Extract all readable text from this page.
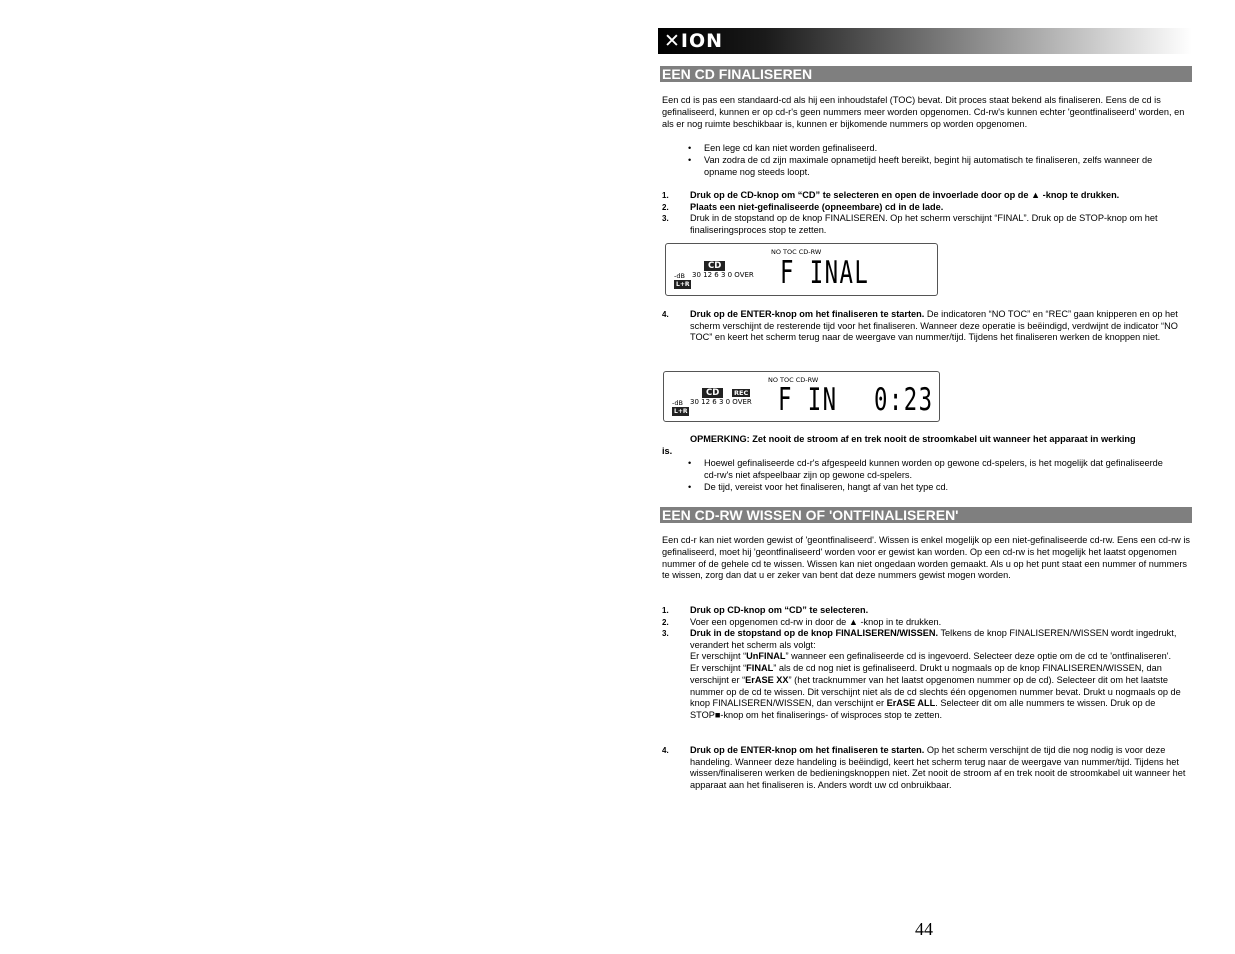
✕ION
EEN CD FINALISEREN
Een cd is pas een standaard-cd als hij een inhoudstafel (TOC) bevat. Dit proces staat bekend als finaliseren. Eens de cd is gefinaliseerd, kunnen er op cd-r's geen nummers meer worden opgenomen. Cd-rw's kunnen echter 'geontfinaliseerd' worden, en als er nog ruimte beschikbaar is, kunnen er bijkomende nummers op worden opgenomen.
• Een lege cd kan niet worden gefinaliseerd.
• Van zodra de cd zijn maximale opnametijd heeft bereikt, begint hij automatisch te finaliseren, zelfs wanneer de opname nog steeds loopt.
1. Druk op de CD-knop om “CD” te selecteren en open de invoerlade door op de ▲ -knop te drukken.
2. Plaats een niet-gefinaliseerde (opneembare) cd in de lade.
3. Druk in de stopstand op de knop FINALISEREN. Op het scherm verschijnt “FINAL”. Druk op de STOP-knop om het finaliseringsproces stop te zetten.
NO TOC CD-RW
CD
-dB 30 12 6 3 0 OVER
L+R	F INAL
4. Druk op de ENTER-knop om het finaliseren te starten. De indicatoren “NO TOC” en “REC” gaan knipperen en op het scherm verschijnt de resterende tijd voor het finaliseren. Wanneer deze operatie is beëindigd, verdwijnt de indicator “NO TOC” en keert het scherm terug naar de weergave van nummer/tijd. Tijdens het finaliseren werken de knoppen niet.
NO TOC CD-RW
CD	REC
-dB 30 12 6 3 0 OVER
L+R	F IN 0:23
OPMERKING: Zet nooit de stroom af en trek nooit de stroomkabel uit wanneer het apparaat in werking
is.
• Hoewel gefinaliseerde cd-r's afgespeeld kunnen worden op gewone cd-spelers, is het mogelijk dat gefinaliseerde cd-rw's niet afspeelbaar zijn op gewone cd-spelers.
• De tijd, vereist voor het finaliseren, hangt af van het type cd.
EEN CD-RW WISSEN OF 'ONTFINALISEREN'
Een cd-r kan niet worden gewist of 'geontfinaliseerd'. Wissen is enkel mogelijk op een niet-gefinaliseerde cd-rw. Eens een cd-rw is gefinaliseerd, moet hij 'geontfinaliseerd' worden voor er gewist kan worden. Op een cd-rw is het mogelijk het laatst opgenomen nummer of de gehele cd te wissen. Wissen kan niet ongedaan worden gemaakt. Als u op het punt staat een nummer of nummers te wissen, zorg dan dat u er zeker van bent dat deze nummers gewist mogen worden.
1. Druk op CD-knop om “CD” te selecteren.
2. Voer een opgenomen cd-rw in door de ▲ -knop in te drukken.
3. Druk in de stopstand op de knop FINALISEREN/WISSEN. Telkens de knop FINALISEREN/WISSEN wordt ingedrukt, verandert het scherm als volgt:
Er verschijnt “UnFINAL” wanneer een gefinaliseerde cd is ingevoerd. Selecteer deze optie om de cd te 'ontfinaliseren'.
Er verschijnt “FINAL” als de cd nog niet is gefinaliseerd. Drukt u nogmaals op de knop FINALISEREN/WISSEN, dan verschijnt er “ErASE XX” (het tracknummer van het laatst opgenomen nummer op de cd). Selecteer dit om het laatste nummer op de cd te wissen. Dit verschijnt niet als de cd slechts één opgenomen nummer bevat. Drukt u nogmaals op de knop FINALISEREN/WISSEN, dan verschijnt er ErASE ALL. Selecteer dit om alle nummers te wissen. Druk op de STOP■-knop om het finaliserings- of wisproces stop te zetten.
4. Druk op de ENTER-knop om het finaliseren te starten. Op het scherm verschijnt de tijd die nog nodig is voor deze handeling. Wanneer deze handeling is beëindigd, keert het scherm terug naar de weergave van nummer/tijd. Tijdens het wissen/finaliseren werken de bedieningsknoppen niet. Zet nooit de stroom af en trek nooit de stroomkabel uit wanneer het apparaat aan het finaliseren is. Anders wordt uw cd onbruikbaar.
44
